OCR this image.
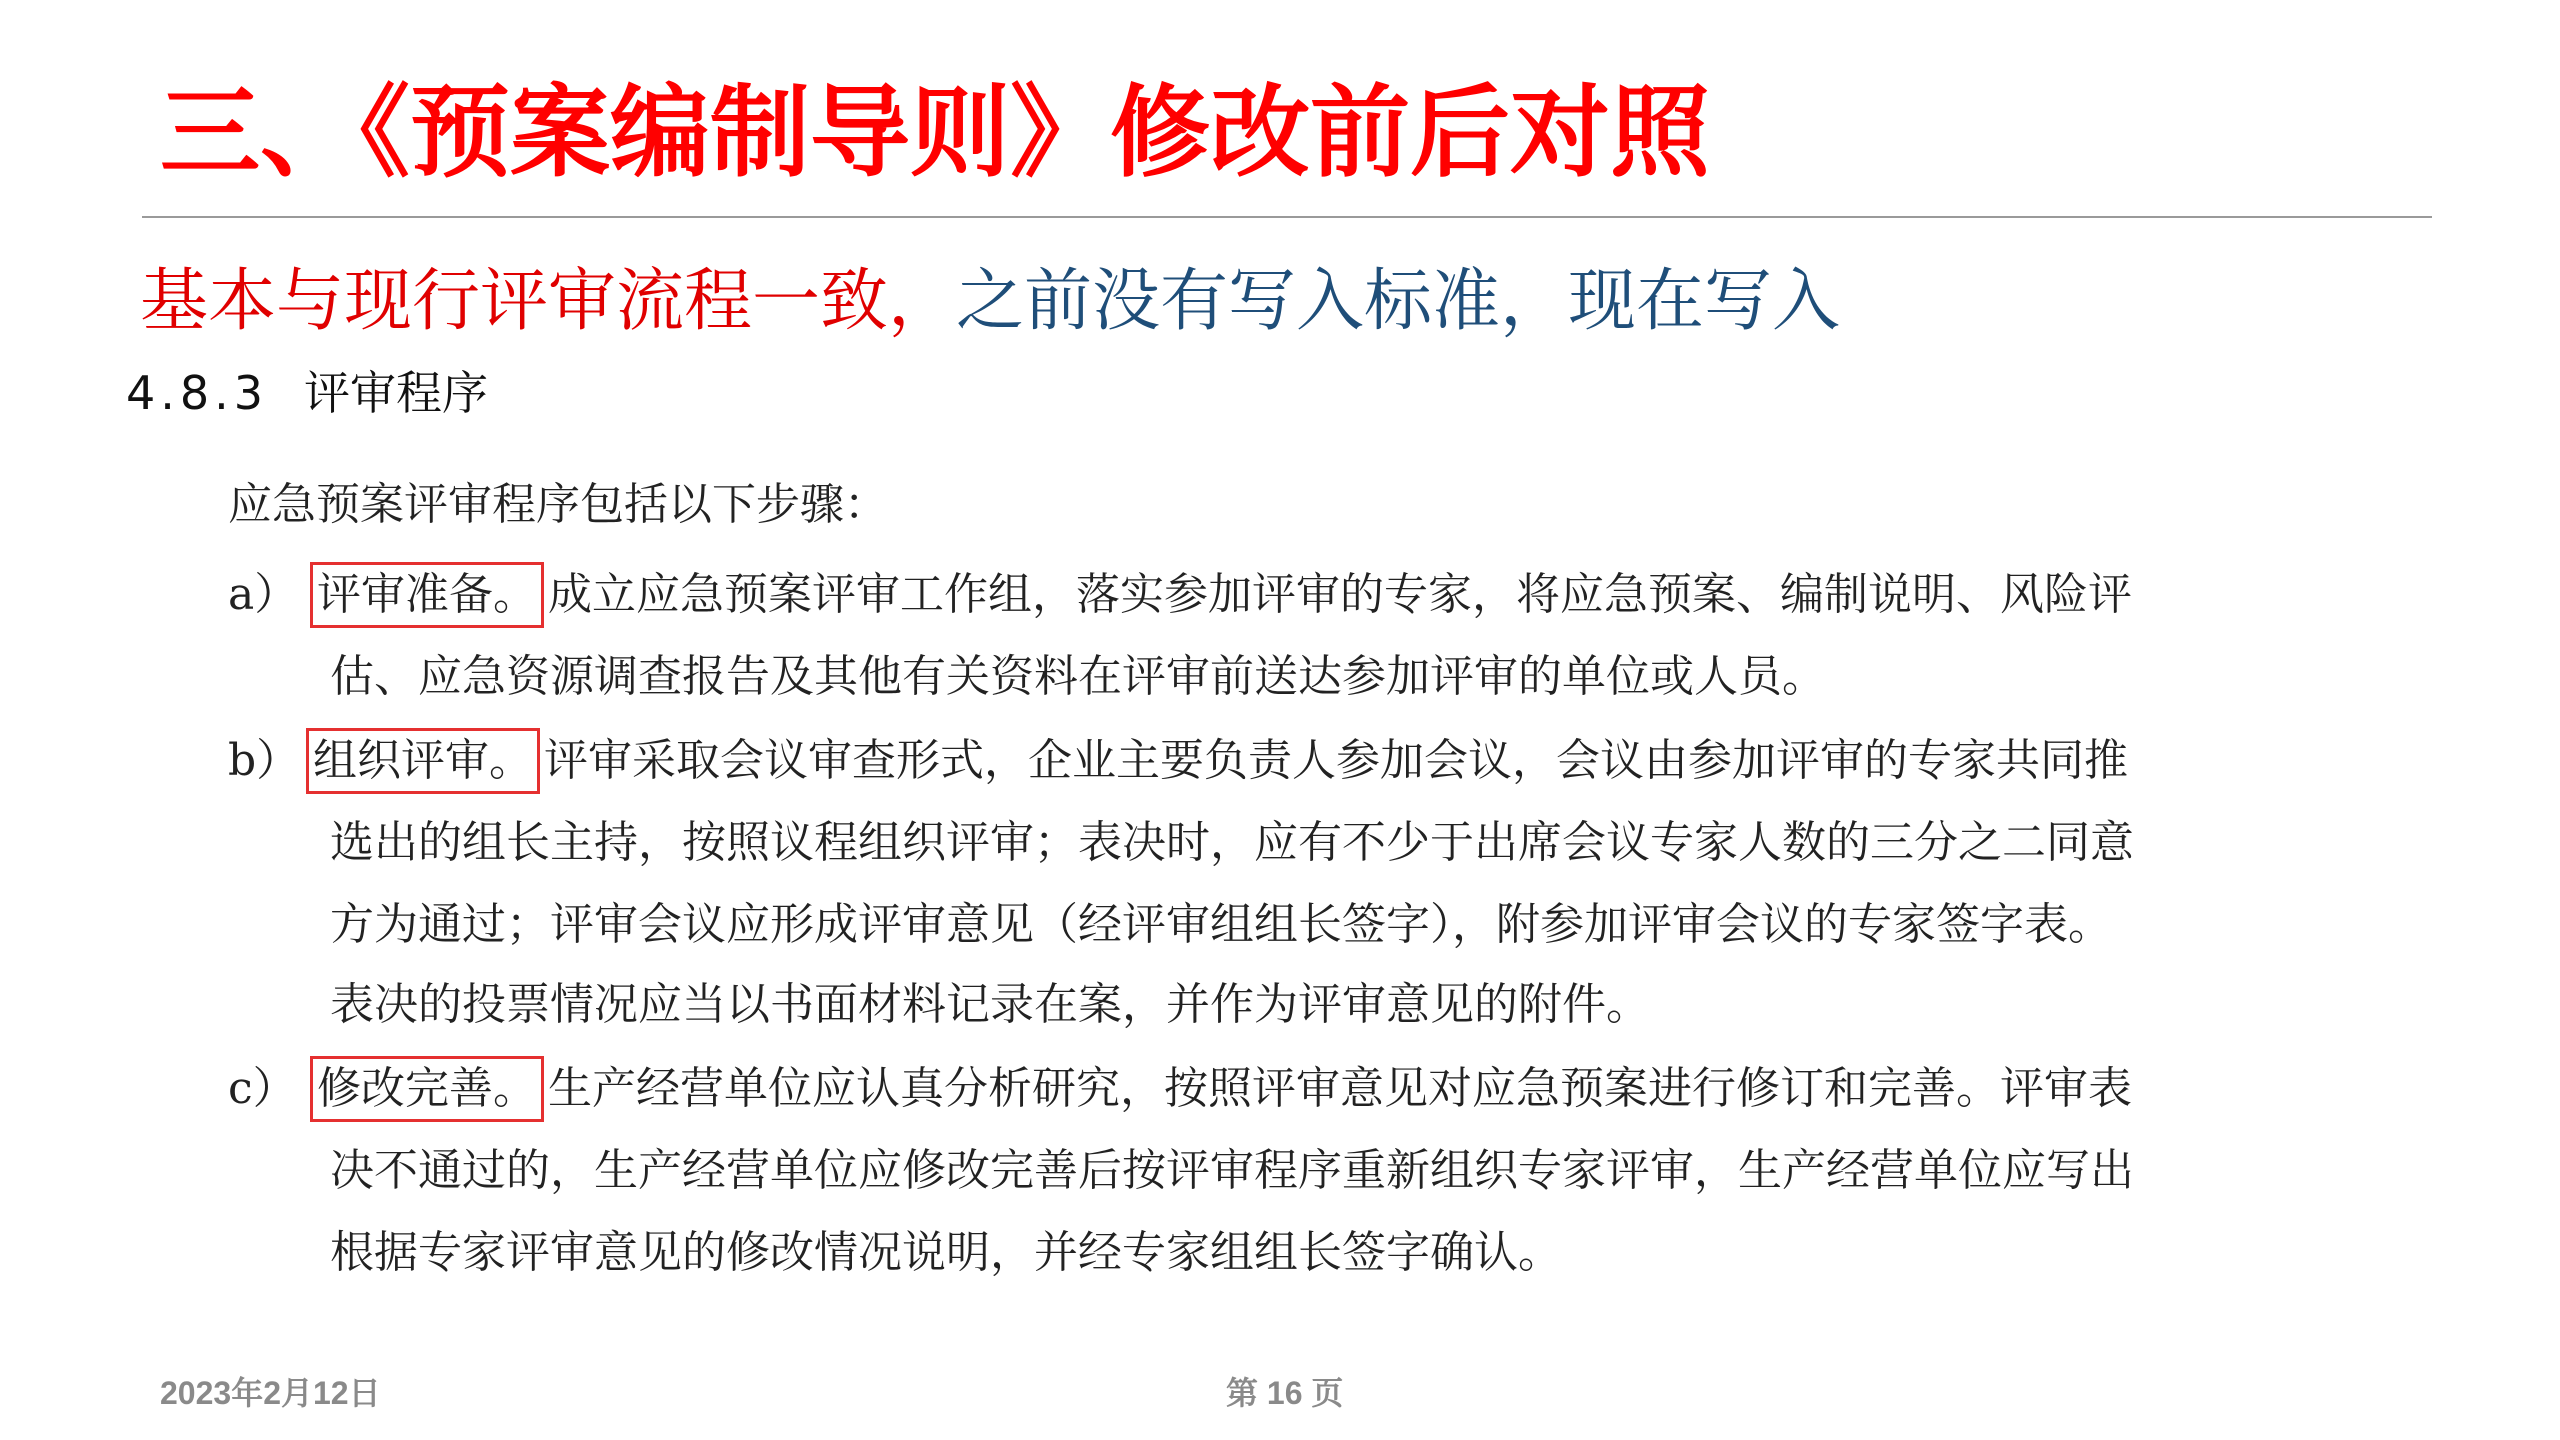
三、《预案编制导则》修改前后对照
基本与现行评审流程一致，之前没有写入标准，现在写入
4.8.3 评审程序
应急预案评审程序包括以下步骤：
a） 评审准备。 成立应急预案评审工作组，落实参加评审的专家，将应急预案、编制说明、风险评
估、应急资源调查报告及其他有关资料在评审前送达参加评审的单位或人员。
b） 组织评审。 评审采取会议审查形式，企业主要负责人参加会议，会议由参加评审的专家共同推
选出的组长主持，按照议程组织评审；表决时，应有不少于出席会议专家人数的三分之二同意
方为通过；评审会议应形成评审意见（经评审组组长签字），附参加评审会议的专家签字表。
表决的投票情况应当以书面材料记录在案，并作为评审意见的附件。
c） 修改完善。 生产经营单位应认真分析研究，按照评审意见对应急预案进行修订和完善。评审表
决不通过的，生产经营单位应修改完善后按评审程序重新组织专家评审，生产经营单位应写出
根据专家评审意见的修改情况说明，并经专家组组长签字确认。
2023年2月12日	第 16 页
